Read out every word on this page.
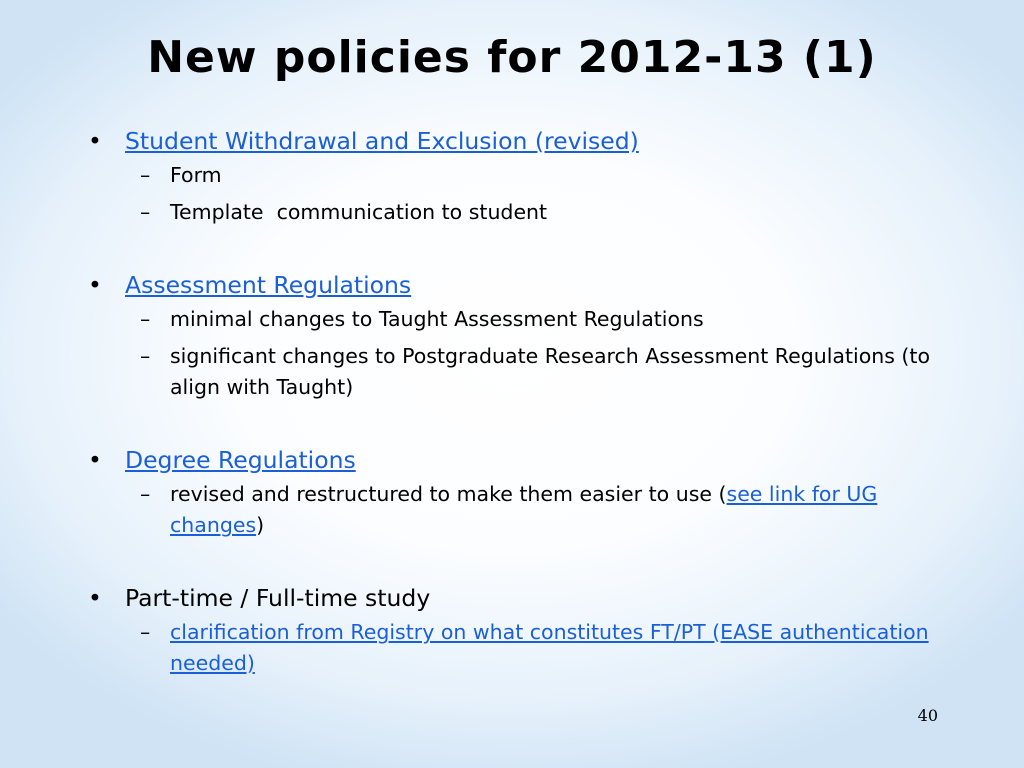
New policies for 2012-13 (1)
• Student Withdrawal and Exclusion (revised)
– Form
– Template  communication to student
• Assessment Regulations
– minimal changes to Taught Assessment Regulations
– significant changes to Postgraduate Research Assessment Regulations (to align with Taught)
• Degree Regulations
– revised and restructured to make them easier to use (see link for UG changes)
• Part-time / Full-time study
– clarification from Registry on what constitutes FT/PT (EASE authentication needed)
40
